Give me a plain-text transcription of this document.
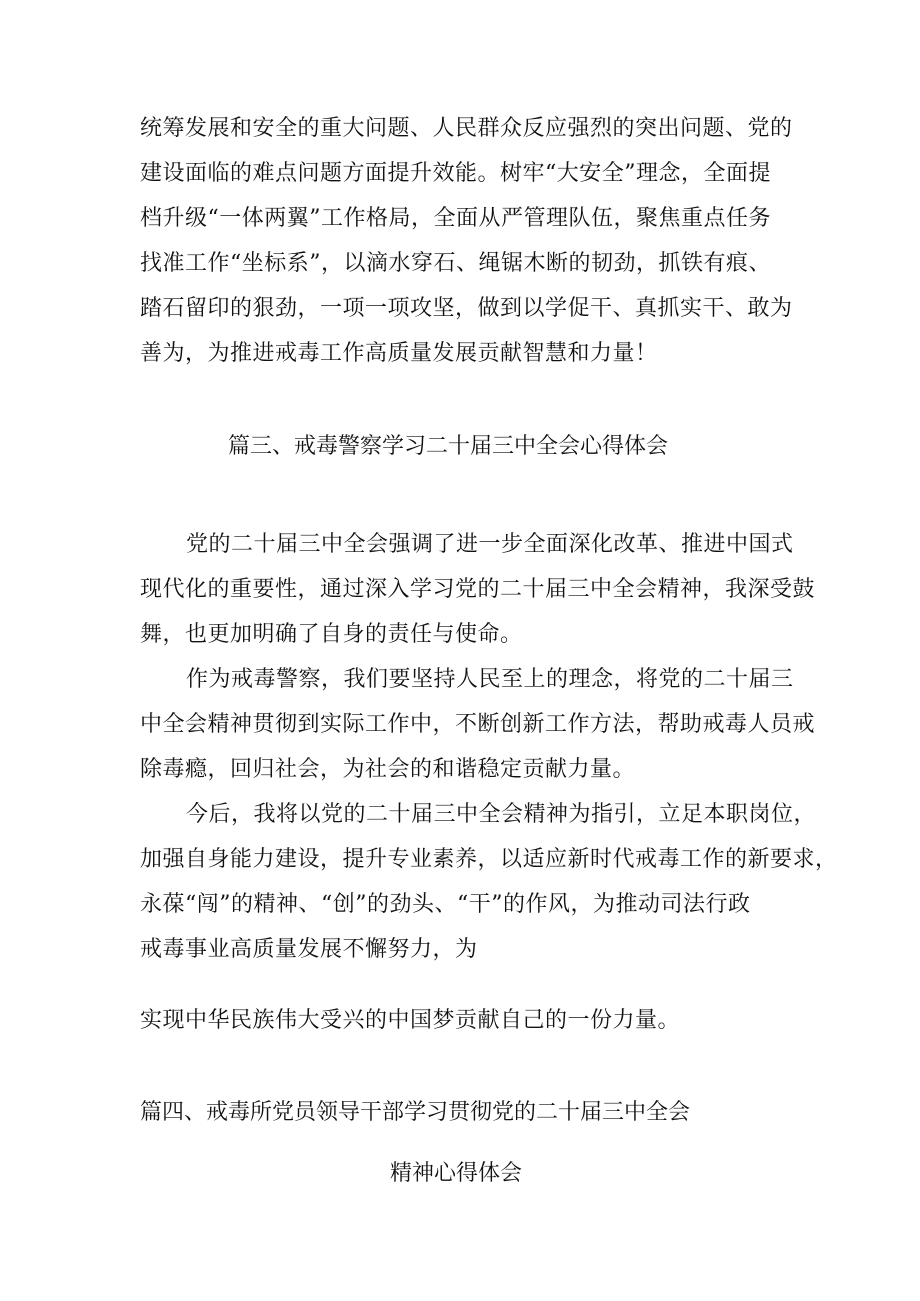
统筹发展和安全的重大问题、人民群众反应强烈的突出问题、党的
建设面临的难点问题方面提升效能。树牢“大安全”理念，全面提
档升级“一体两翼”工作格局，全面从严管理队伍，聚焦重点任务
找准工作“坐标系”，以滴水穿石、绳锯木断的韧劲，抓铁有痕、
踏石留印的狠劲，一项一项攻坚，做到以学促干、真抓实干、敢为
善为，为推进戒毒工作高质量发展贡献智慧和力量！
篇三、戒毒警察学习二十届三中全会心得体会
党的二十届三中全会强调了进一步全面深化改革、推进中国式
现代化的重要性，通过深入学习党的二十届三中全会精神，我深受鼓
舞，也更加明确了自身的责任与使命。
作为戒毒警察，我们要坚持人民至上的理念，将党的二十届三
中全会精神贯彻到实际工作中，不断创新工作方法，帮助戒毒人员戒
除毒瘾，回归社会，为社会的和谐稳定贡献力量。
今后，我将以党的二十届三中全会精神为指引，立足本职岗位，
加强自身能力建设，提升专业素养，以适应新时代戒毒工作的新要求，
永葆“闯”的精神、“创”的劲头、“干”的作风，为推动司法行政
戒毒事业高质量发展不懈努力，为
实现中华民族伟大受兴的中国梦贡献自己的一份力量。
篇四、戒毒所党员领导干部学习贯彻党的二十届三中全会
精神心得体会
